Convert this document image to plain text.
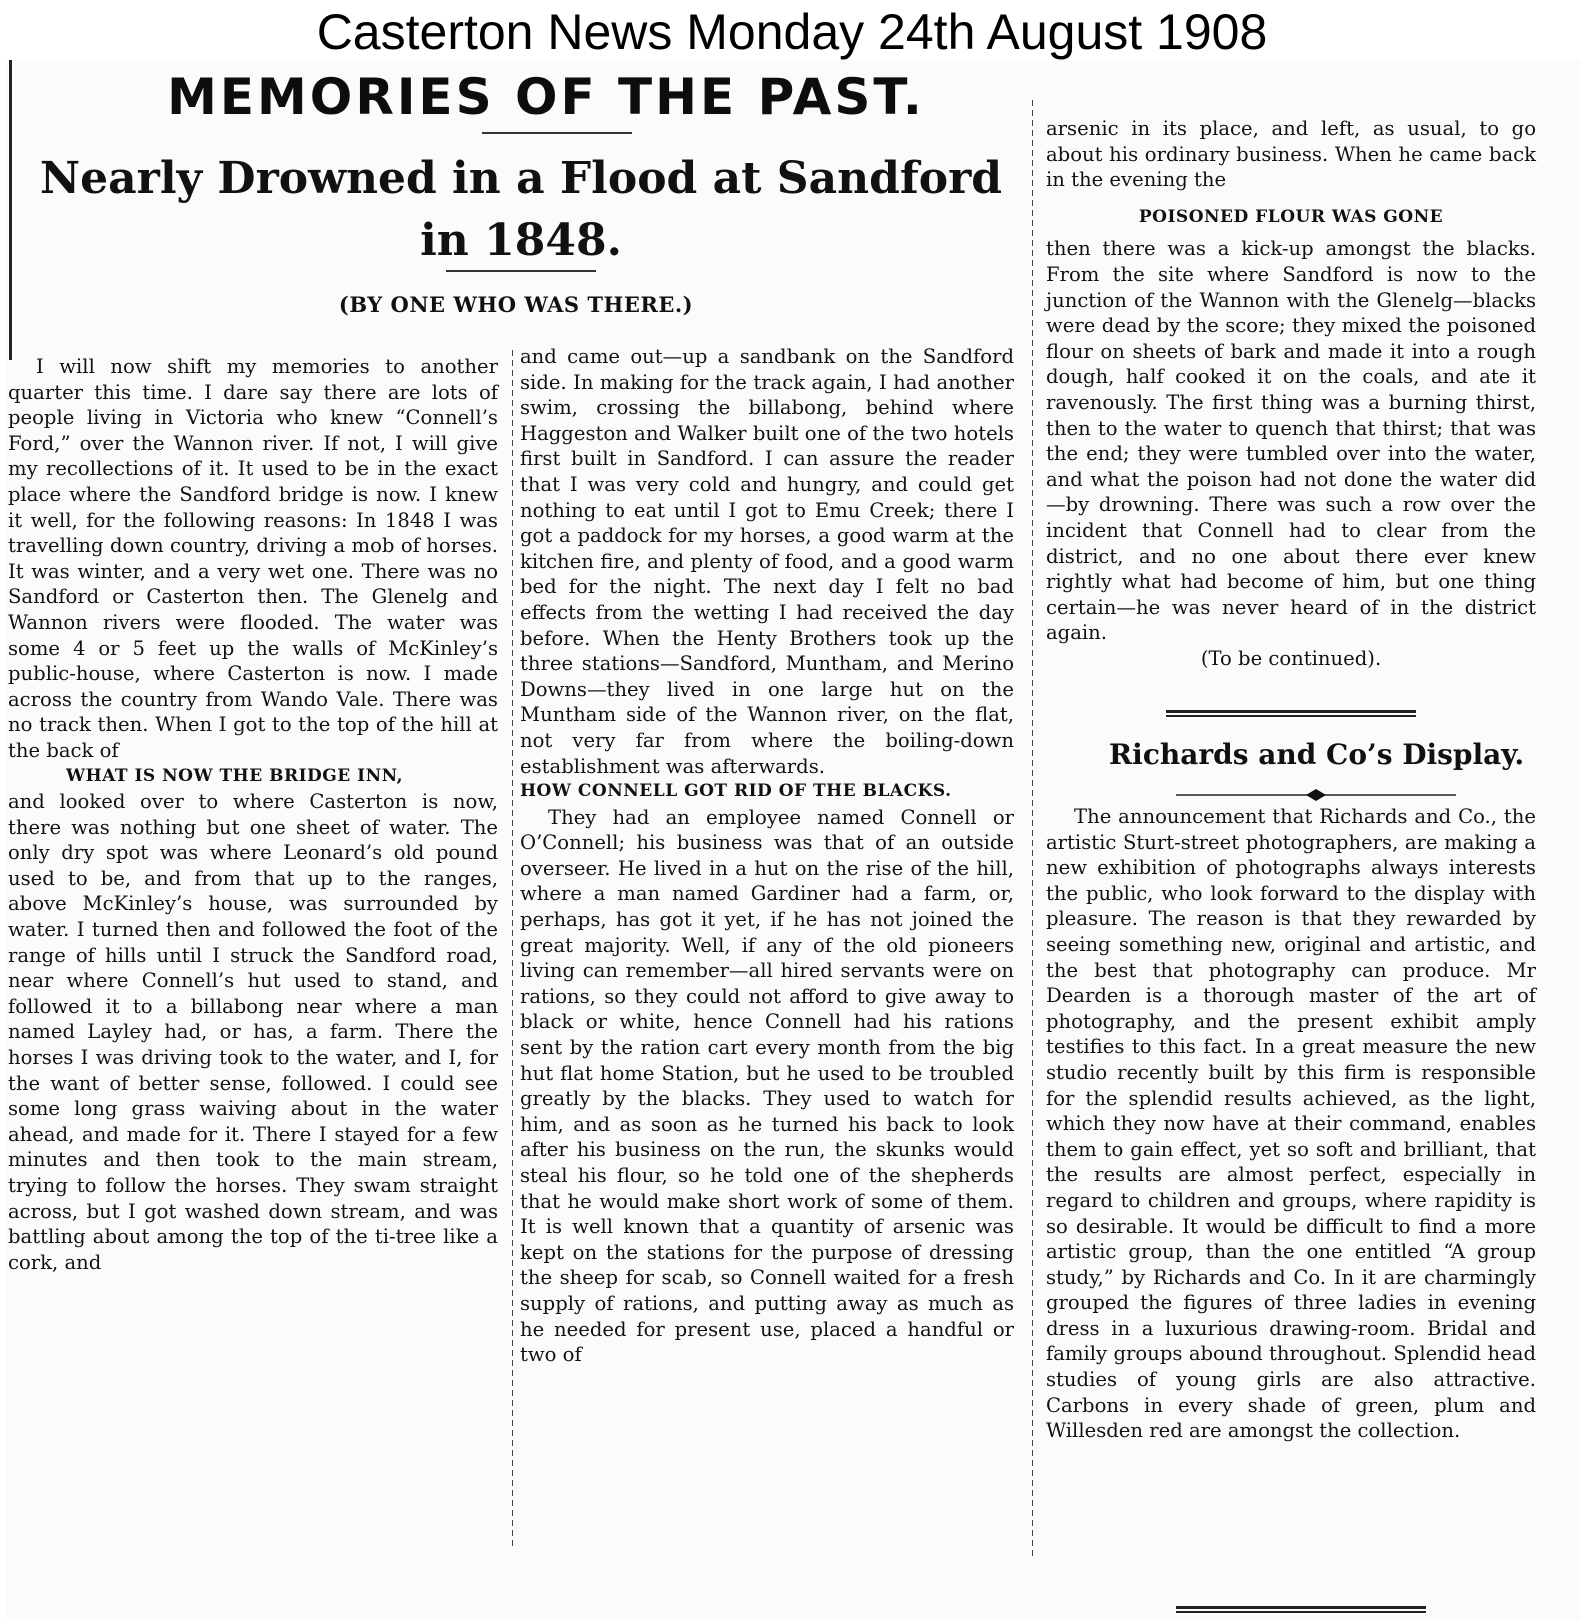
Casterton News Monday 24th August 1908
MEMORIES OF THE PAST.
Nearly Drowned in a Flood at Sandford
in 1848.
(BY ONE WHO WAS THERE.)

I will now shift my memories to another quarter this time. I dare say there are lots of people living in Victoria who knew “Connell’s Ford,” over the Wannon river. If not, I will give my recollections of it. It used to be in the exact place where the Sandford bridge is now. I knew it well, for the following reasons: In 1848 I was travelling down country, driving a mob of horses. It was winter, and a very wet one. There was no Sandford or Casterton then. The Glenelg and Wannon rivers were flooded. The water was some 4 or 5 feet up the walls of McKinley’s public-house, where Casterton is now. I made across the country from Wando Vale. There was no track then. When I got to the top of the hill at the back of

WHAT IS NOW THE BRIDGE INN,

and looked over to where Casterton is now, there was nothing but one sheet of water. The only dry spot was where Leonard’s old pound used to be, and from that up to the ranges, above McKinley’s house, was surrounded by water. I turned then and followed the foot of the range of hills until I struck the Sandford road, near where Connell’s hut used to stand, and followed it to a billabong near where a man named Layley had, or has, a farm. There the horses I was driving took to the water, and I, for the want of better sense, followed. I could see some long grass waiving about in the water ahead, and made for it. There I stayed for a few minutes and then took to the main stream, trying to follow the horses. They swam straight across, but I got washed down stream, and was battling about among the top of the ti-tree like a cork, and

and came out—up a sandbank on the Sandford side. In making for the track again, I had another swim, crossing the billabong, behind where Haggeston and Walker built one of the two hotels first built in Sandford. I can assure the reader that I was very cold and hungry, and could get nothing to eat until I got to Emu Creek; there I got a paddock for my horses, a good warm at the kitchen fire, and plenty of food, and a good warm bed for the night. The next day I felt no bad effects from the wetting I had received the day before. When the Henty Brothers took up the three stations—Sandford, Muntham, and Merino Downs—they lived in one large hut on the Muntham side of the Wannon river, on the flat, not very far from where the boiling-down establishment was afterwards.

HOW CONNELL GOT RID OF THE BLACKS.

They had an employee named Connell or O’Connell; his business was that of an outside overseer. He lived in a hut on the rise of the hill, where a man named Gardiner had a farm, or, perhaps, has got it yet, if he has not joined the great majority. Well, if any of the old pioneers living can remember—all hired servants were on rations, so they could not afford to give away to black or white, hence Connell had his rations sent by the ration cart every month from the big hut flat home Station, but he used to be troubled greatly by the blacks. They used to watch for him, and as soon as he turned his back to look after his business on the run, the skunks would steal his flour, so he told one of the shepherds that he would make short work of some of them. It is well known that a quantity of arsenic was kept on the stations for the purpose of dressing the sheep for scab, so Connell waited for a fresh supply of rations, and putting away as much as he needed for present use, placed a handful or two of

arsenic in its place, and left, as usual, to go about his ordinary business. When he came back in the evening the

POISONED FLOUR WAS GONE

then there was a kick-up amongst the blacks. From the site where Sandford is now to the junction of the Wannon with the Glenelg—blacks were dead by the score; they mixed the poisoned flour on sheets of bark and made it into a rough dough, half cooked it on the coals, and ate it ravenously. The first thing was a burning thirst, then to the water to quench that thirst; that was the end; they were tumbled over into the water, and what the poison had not done the water did—by drowning. There was such a row over the incident that Connell had to clear from the district, and no one about there ever knew rightly what had become of him, but one thing certain—he was never heard of in the district again.

(To be continued).

Richards and Co’s Display.

The announcement that Richards and Co., the artistic Sturt-street photographers, are making a new exhibition of photographs always interests the public, who look forward to the display with pleasure. The reason is that they rewarded by seeing something new, original and artistic, and the best that photography can produce. Mr Dearden is a thorough master of the art of photography, and the present exhibit amply testifies to this fact. In a great measure the new studio recently built by this firm is responsible for the splendid results achieved, as the light, which they now have at their command, enables them to gain effect, yet so soft and brilliant, that the results are almost perfect, especially in regard to children and groups, where rapidity is so desirable. It would be difficult to find a more artistic group, than the one entitled “A group study,” by Richards and Co. In it are charmingly grouped the figures of three ladies in evening dress in a luxurious drawing-room. Bridal and family groups abound throughout. Splendid head studies of young girls are also attractive. Carbons in every shade of green, plum and Willesden red are amongst the collection.
